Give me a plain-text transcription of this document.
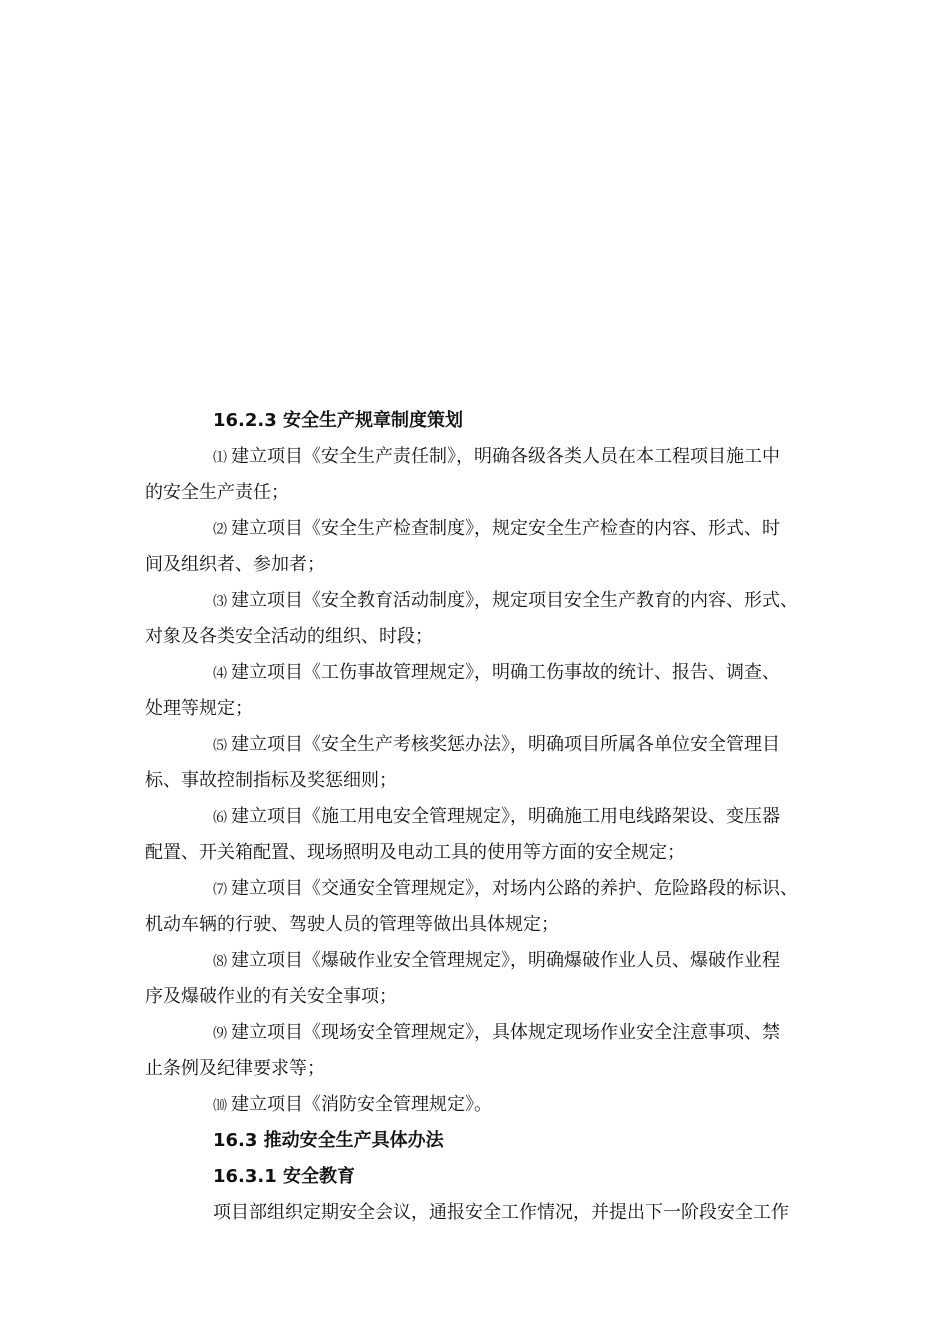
16.2.3 安全生产规章制度策划
⑴ 建立项目《安全生产责任制》，明确各级各类人员在本工程项目施工中
的安全生产责任；
⑵ 建立项目《安全生产检查制度》，规定安全生产检查的内容、形式、时
间及组织者、参加者；
⑶ 建立项目《安全教育活动制度》，规定项目安全生产教育的内容、形式、
对象及各类安全活动的组织、时段；
⑷ 建立项目《工伤事故管理规定》，明确工伤事故的统计、报告、调查、
处理等规定；
⑸ 建立项目《安全生产考核奖惩办法》，明确项目所属各单位安全管理目
标、事故控制指标及奖惩细则；
⑹ 建立项目《施工用电安全管理规定》，明确施工用电线路架设、变压器
配置、开关箱配置、现场照明及电动工具的使用等方面的安全规定；
⑺ 建立项目《交通安全管理规定》，对场内公路的养护、危险路段的标识、
机动车辆的行驶、驾驶人员的管理等做出具体规定；
⑻ 建立项目《爆破作业安全管理规定》，明确爆破作业人员、爆破作业程
序及爆破作业的有关安全事项；
⑼ 建立项目《现场安全管理规定》，具体规定现场作业安全注意事项、禁
止条例及纪律要求等；
⑽ 建立项目《消防安全管理规定》。
16.3 推动安全生产具体办法
16.3.1 安全教育
项目部组织定期安全会议，通报安全工作情况，并提出下一阶段安全工作
